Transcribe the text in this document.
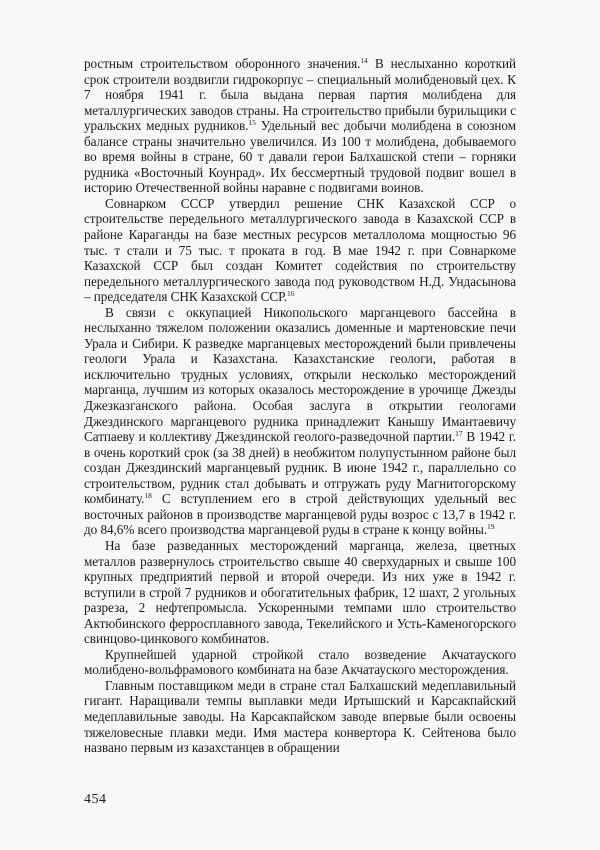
ростным строительством оборонного значения.$^{14}$ В неслыханно короткий срок строители воздвигли гидрокорпус – специальный молибденовый цех. К 7 ноября 1941 г. была выдана первая партия молибдена для металлургических заводов страны. На строительство прибыли бурильщики с уральских медных рудников.$^{15}$ Удельный вес добычи молибдена в союзном балансе страны значительно увеличился. Из 100 т молибдена, добываемого во время войны в стране, 60 т давали герои Балхашской степи – горняки рудника «Восточный Коунрад». Их бессмертный трудовой подвиг вошел в историю Отечественной войны наравне с подвигами воинов.

Совнарком СССР утвердил решение СНК Казахской ССР о строительстве передельного металлургического завода в Казахской ССР в районе Караганды на базе местных ресурсов металлолома мощностью 96 тыс. т стали и 75 тыс. т проката в год. В мае 1942 г. при Совнаркоме Казахской ССР был создан Комитет содействия по строительству передельного металлургического завода под руководством Н.Д. Ундасынова – председателя СНК Казахской ССР.$^{16}$

В связи с оккупацией Никопольского марганцевого бассейна в неслыханно тяжелом положении оказались доменные и мартеновские печи Урала и Сибири. К разведке марганцевых месторождений были привлечены геологи Урала и Казахстана. Казахстанские геологи, работая в исключительно трудных условиях, открыли несколько месторождений марганца, лучшим из которых оказалось месторождение в урочище Джезды Джезказганского района. Особая заслуга в открытии геологами Джездинского марганцевого рудника принадлежит Канышу Имантаевичу Сатпаеву и коллективу Джездинской геолого-разведочной партии.$^{17}$ В 1942 г. в очень короткий срок (за 38 дней) в необжитом полупустынном районе был создан Джездинский марганцевый рудник. В июне 1942 г., параллельно со строительством, рудник стал добывать и отгружать руду Магнитогорскому комбинату.$^{18}$ С вступлением его в строй действующих удельный вес восточных районов в производстве марганцевой руды возрос с 13,7 в 1942 г. до 84,6% всего производства марганцевой руды в стране к концу войны.$^{19}$

На базе разведанных месторождений марганца, железа, цветных металлов развернулось строительство свыше 40 сверхударных и свыше 100 крупных предприятий первой и второй очереди. Из них уже в 1942 г. вступили в строй 7 рудников и обогатительных фабрик, 12 шахт, 2 угольных разреза, 2 нефтепромысла. Ускоренными темпами шло строительство Актюбинского ферросплавного завода, Текелийского и Усть-Каменогорского свинцово-цинкового комбинатов.

Крупнейшей ударной стройкой стало возведение Акчатауского молибдено-вольфрамового комбината на базе Акчатауского месторождения.

Главным поставщиком меди в стране стал Балхашский медеплавильный гигант. Наращивали темпы выплавки меди Иртышский и Карсакпайский медеплавильные заводы. На Карсакпайском заводе впервые были освоены тяжеловесные плавки меди. Имя мастера конвертора К. Сейтенова было названо первым из казахстанцев в обращении

454
